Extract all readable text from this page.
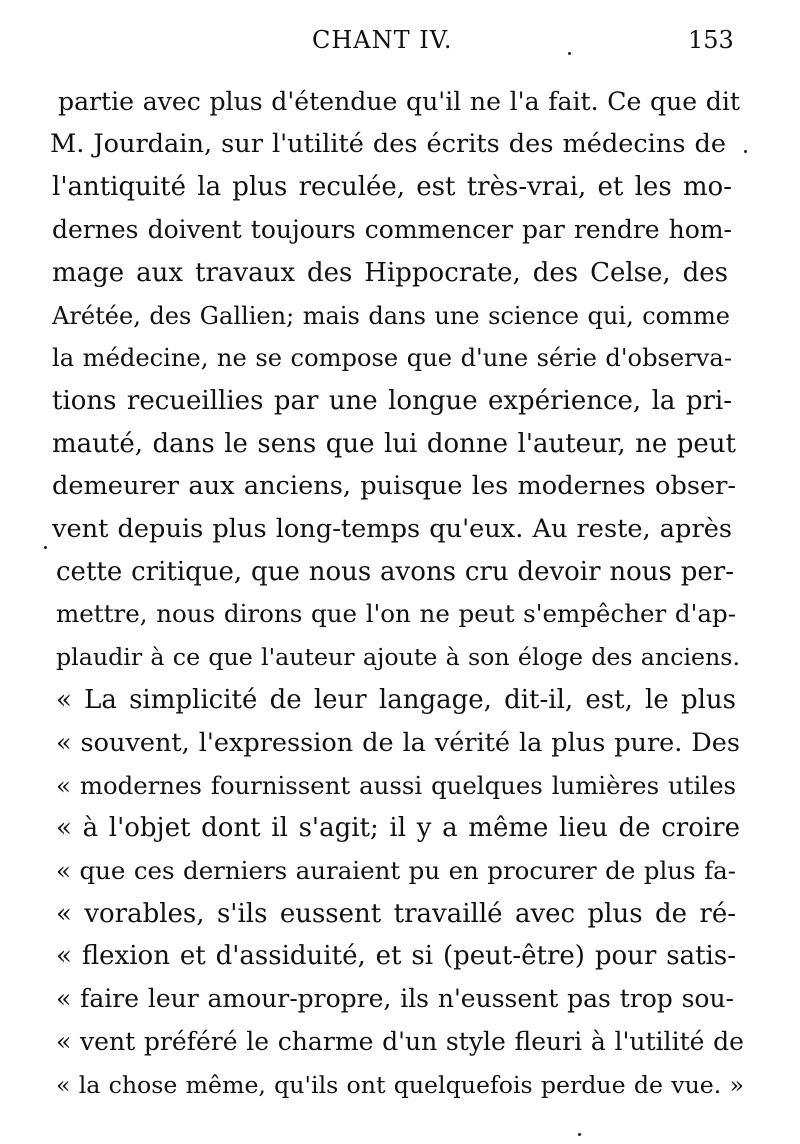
CHANT IV.	153
partie avec plus d'étendue qu'il ne l'a fait. Ce que dit
M. Jourdain, sur l'utilité des écrits des médecins de
l'antiquité la plus reculée, est très-vrai, et les mo-
dernes doivent toujours commencer par rendre hom-
mage aux travaux des Hippocrate, des Celse, des
Arétée, des Gallien; mais dans une science qui, comme
la médecine, ne se compose que d'une série d'observa-
tions recueillies par une longue expérience, la pri-
mauté, dans le sens que lui donne l'auteur, ne peut
demeurer aux anciens, puisque les modernes obser-
vent depuis plus long-temps qu'eux. Au reste, après
cette critique, que nous avons cru devoir nous per-
mettre, nous dirons que l'on ne peut s'empêcher d'ap-
plaudir à ce que l'auteur ajoute à son éloge des anciens.
« La simplicité de leur langage, dit-il, est, le plus
« souvent, l'expression de la vérité la plus pure. Des
« modernes fournissent aussi quelques lumières utiles
« à l'objet dont il s'agit; il y a même lieu de croire
« que ces derniers auraient pu en procurer de plus fa-
« vorables, s'ils eussent travaillé avec plus de ré-
« flexion et d'assiduité, et si (peut-être) pour satis-
« faire leur amour-propre, ils n'eussent pas trop sou-
« vent préféré le charme d'un style fleuri à l'utilité de
« la chose même, qu'ils ont quelquefois perdue de vue. »
